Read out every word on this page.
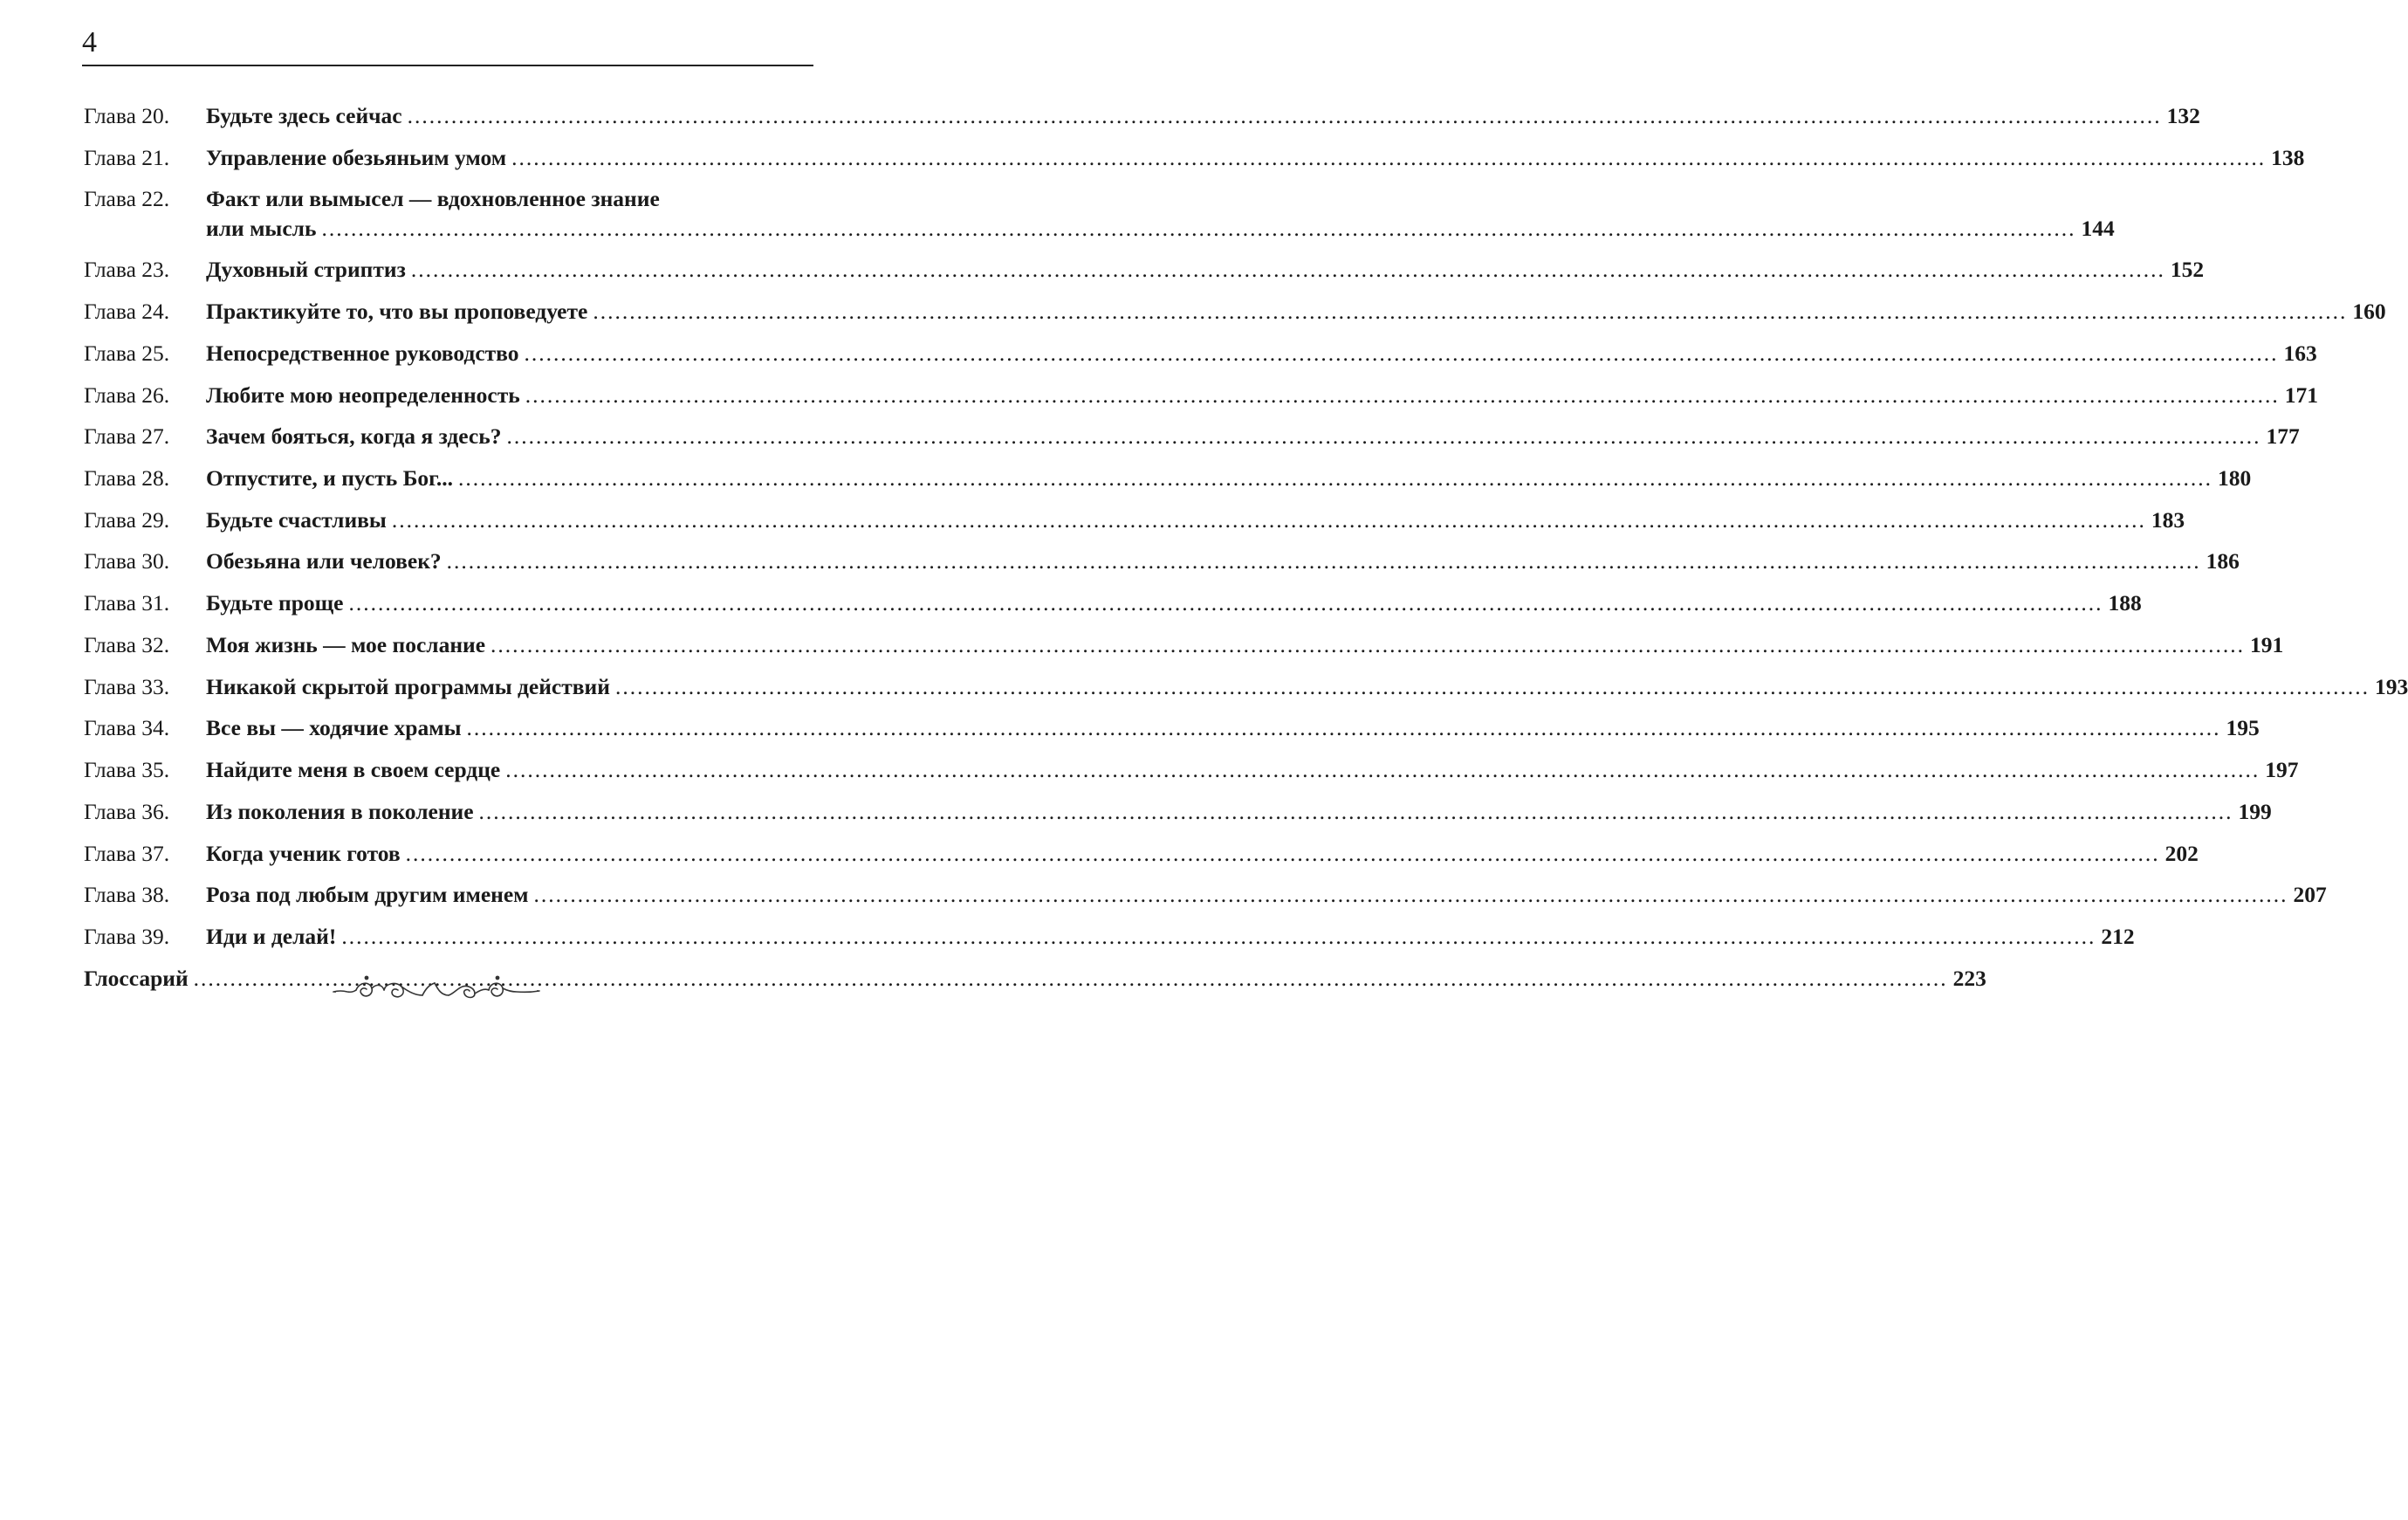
4
Глава 20.	Будьте здесь сейчас .....	132
Глава 21.	Управление обезьяньим умом .....	138
Глава 22.	Факт или вымысел — вдохновленное знание
или мысль .....	144
Глава 23.	Духовный стриптиз .....	152
Глава 24.	Практикуйте то, что вы проповедуете .....	160
Глава 25.	Непосредственное руководство .....	163
Глава 26.	Любите мою неопределенность .....	171
Глава 27.	Зачем бояться, когда я здесь? .....	177
Глава 28.	Отпустите, и пусть Бог... .....	180
Глава 29.	Будьте счастливы .....	183
Глава 30.	Обезьяна или человек? .....	186
Глава 31.	Будьте проще .....	188
Глава 32.	Моя жизнь — мое послание .....	191
Глава 33.	Никакой скрытой программы действий .....	193
Глава 34.	Все вы — ходячие храмы .....	195
Глава 35.	Найдите меня в своем сердце .....	197
Глава 36.	Из поколения в поколение .....	199
Глава 37.	Когда ученик готов .....	202
Глава 38.	Роза под любым другим именем .....	207
Глава 39.	Иди и делай! .....	212
Глоссарий .....	223
